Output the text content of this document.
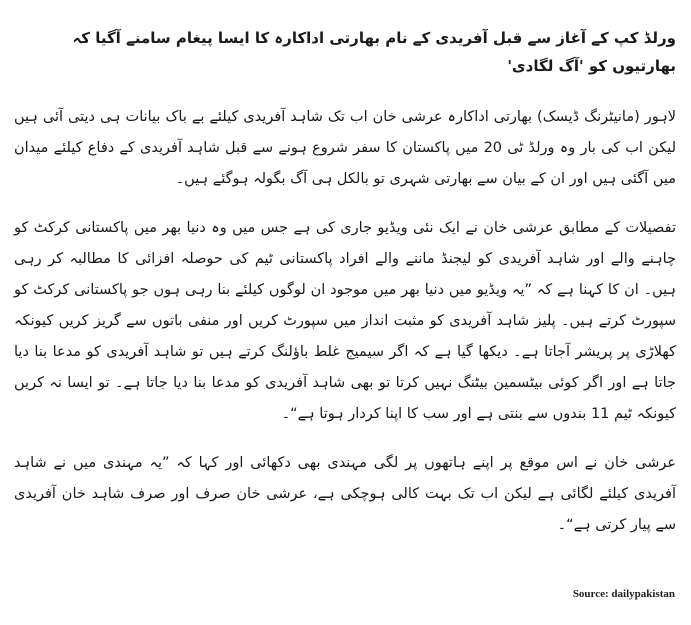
ورلڈ کپ کے آغاز سے قبل آفریدی کے نام بھارتی اداکارہ کا ایسا پیغام سامنے آگیا کہ بھارتیوں کو 'آگ لگادی'

لاہور (مانیٹرنگ ڈیسک) بھارتی اداکارہ عرشی خان اب تک شاہد آفریدی کیلئے بے باک بیانات ہی دیتی آئی ہیں لیکن اب کی بار وہ ورلڈ ٹی 20 میں پاکستان کا سفر شروع ہونے سے قبل شاہد آفریدی کے دفاع کیلئے میدان میں آگئی ہیں اور ان کے بیان سے بھارتی شہری تو بالکل ہی آگ بگولہ ہوگئے ہیں۔

تفصیلات کے مطابق عرشی خان نے ایک نئی ویڈیو جاری کی ہے جس میں وہ دنیا بھر میں پاکستانی کرکٹ کو چاہنے والے اور شاہد آفریدی کو لیجنڈ ماننے والے افراد پاکستانی ٹیم کی حوصلہ افزائی کا مطالبہ کر رہی ہیں۔ ان کا کہنا ہے کہ ”یہ ویڈیو میں دنیا بھر میں موجود ان لوگوں کیلئے بنا رہی ہوں جو پاکستانی کرکٹ کو سپورٹ کرتے ہیں۔ پلیز شاہد آفریدی کو مثبت انداز میں سپورٹ کریں اور منفی باتوں سے گریز کریں کیونکہ کھلاڑی پر پریشر آجاتا ہے۔ دیکھا گیا ہے کہ اگر سیمیج غلط باﺅلنگ کرتے ہیں تو شاہد آفریدی کو مدعا بنا دیا جاتا ہے اور اگر کوئی بیٹسمین بیٹنگ نہیں کرتا تو بھی شاہد آفریدی کو مدعا بنا دیا جاتا ہے۔ تو ایسا نہ کریں کیونکہ ٹیم 11 بندوں سے بنتی ہے اور سب کا اپنا کردار ہوتا ہے“۔

عرشی خان نے اس موقع پر اپنے ہاتھوں پر لگی مہندی بھی دکھائی اور کہا کہ ”یہ مہندی میں نے شاہد آفریدی کیلئے لگائی ہے لیکن اب تک بہت کالی ہوچکی ہے، عرشی خان صرف اور صرف شاہد خان آفریدی سے پیار کرتی ہے“۔

Source: dailypakistan
